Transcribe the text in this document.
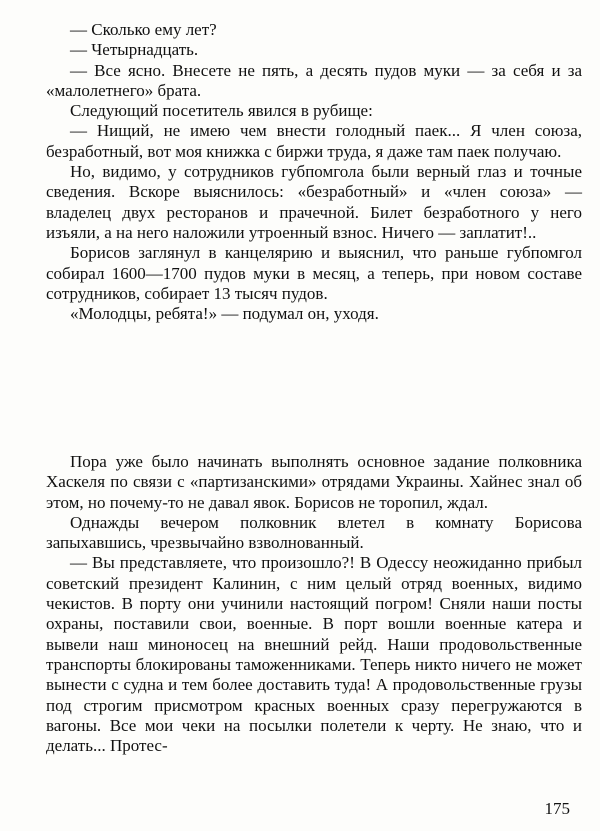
— Сколько ему лет?

— Четырнадцать.

— Все ясно. Внесете не пять, а десять пудов муки — за себя и за «малолетнего» брата.

Следующий посетитель явился в рубище:

— Нищий, не имею чем внести голодный паек... Я член союза, безработный, вот моя книжка с биржи труда, я даже там паек получаю.

Но, видимо, у сотрудников губпомгола были верный глаз и точные сведения. Вскоре выяснилось: «безработный» и «член союза» — владелец двух ресторанов и прачечной. Билет безработного у него изъяли, а на него наложили утроенный взнос. Ничего — заплатит!..

Борисов заглянул в канцелярию и выяснил, что раньше губпомгол собирал 1600—1700 пудов муки в месяц, а теперь, при новом составе сотрудников, собирает 13 тысяч пудов.

«Молодцы, ребята!» — подумал он, уходя.

Пора уже было начинать выполнять основное задание полковника Хаскеля по связи с «партизанскими» отрядами Украины. Хайнес знал об этом, но почему-то не давал явок. Борисов не торопил, ждал.

Однажды вечером полковник влетел в комнату Борисова запыхавшись, чрезвычайно взволнованный.

— Вы представляете, что произошло?! В Одессу неожиданно прибыл советский президент Калинин, с ним целый отряд военных, видимо чекистов. В порту они учинили настоящий погром! Сняли наши посты охраны, поставили свои, военные. В порт вошли военные катера и вывели наш миноносец на внешний рейд. Наши продовольственные транспорты блокированы таможенниками. Теперь никто ничего не может вынести с судна и тем более доставить туда! А продовольственные грузы под строгим присмотром красных военных сразу перегружаются в вагоны. Все мои чеки на посылки полетели к черту. Не знаю, что и делать... Протес-

175
